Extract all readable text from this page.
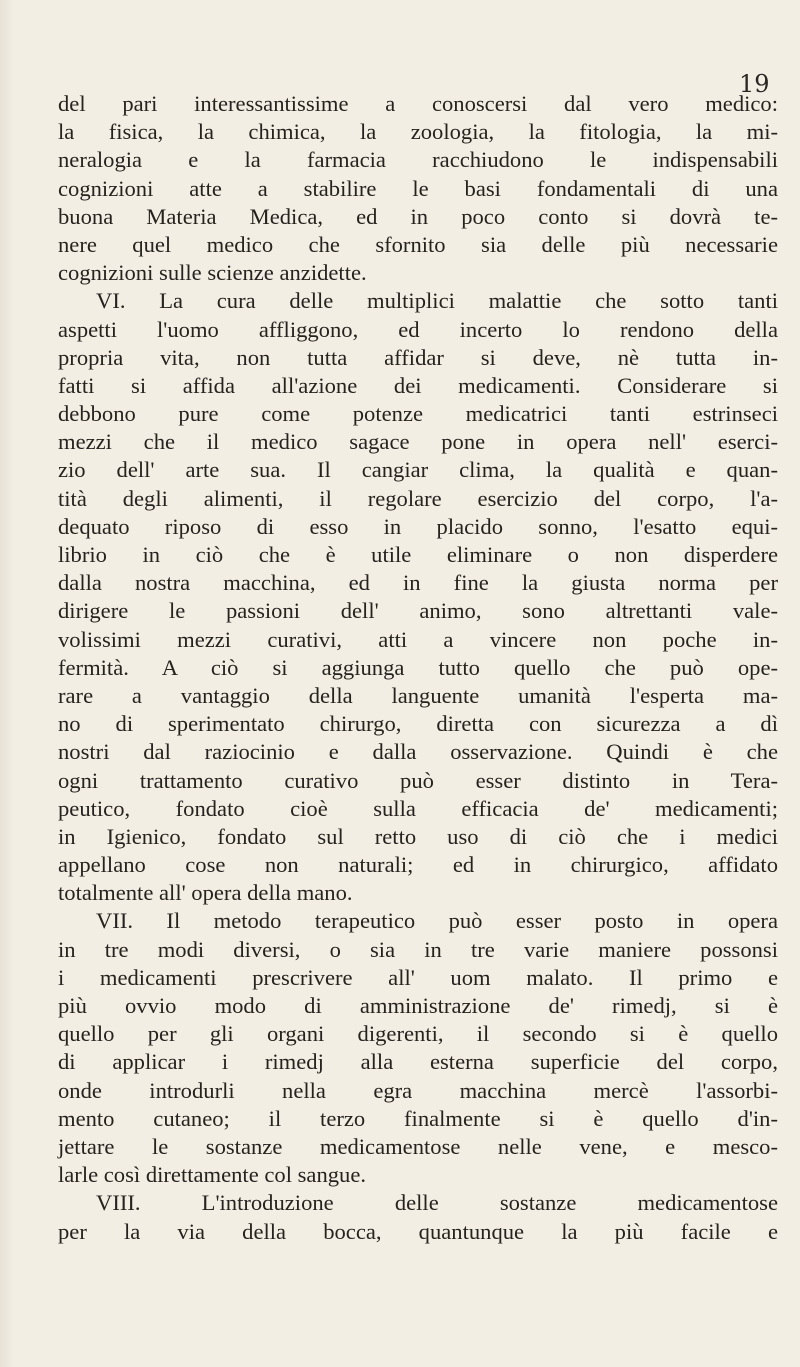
19
del pari interessantissime a conoscersi dal vero medico:
la fisica, la chimica, la zoologia, la fitologia, la mi-
neralogia e la farmacia racchiudono le indispensabili
cognizioni atte a stabilire le basi fondamentali di una
buona Materia Medica, ed in poco conto si dovrà te-
nere quel medico che sfornito sia delle più necessarie
cognizioni sulle scienze anzidette.
VI. La cura delle multiplici malattie che sotto tanti
aspetti l'uomo affliggono, ed incerto lo rendono della
propria vita, non tutta affidar si deve, nè tutta in-
fatti si affida all'azione dei medicamenti. Considerare si
debbono pure come potenze medicatrici tanti estrinseci
mezzi che il medico sagace pone in opera nell' eserci-
zio dell' arte sua. Il cangiar clima, la qualità e quan-
tità degli alimenti, il regolare esercizio del corpo, l'a-
dequato riposo di esso in placido sonno, l'esatto equi-
librio in ciò che è utile eliminare o non disperdere
dalla nostra macchina, ed in fine la giusta norma per
dirigere le passioni dell' animo, sono altrettanti vale-
volissimi mezzi curativi, atti a vincere non poche in-
fermità. A ciò si aggiunga tutto quello che può ope-
rare a vantaggio della languente umanità l'esperta ma-
no di sperimentato chirurgo, diretta con sicurezza a dì
nostri dal raziocinio e dalla osservazione. Quindi è che
ogni trattamento curativo può esser distinto in Tera-
peutico, fondato cioè sulla efficacia de' medicamenti;
in Igienico, fondato sul retto uso di ciò che i medici
appellano cose non naturali; ed in chirurgico, affidato
totalmente all' opera della mano.
VII. Il metodo terapeutico può esser posto in opera
in tre modi diversi, o sia in tre varie maniere possonsi
i medicamenti prescrivere all' uom malato. Il primo e
più ovvio modo di amministrazione de' rimedj, si è
quello per gli organi digerenti, il secondo si è quello
di applicar i rimedj alla esterna superficie del corpo,
onde introdurli nella egra macchina mercè l'assorbi-
mento cutaneo; il terzo finalmente si è quello d'in-
jettare le sostanze medicamentose nelle vene, e mesco-
larle così direttamente col sangue.
VIII. L'introduzione delle sostanze medicamentose
per la via della bocca, quantunque la più facile e
